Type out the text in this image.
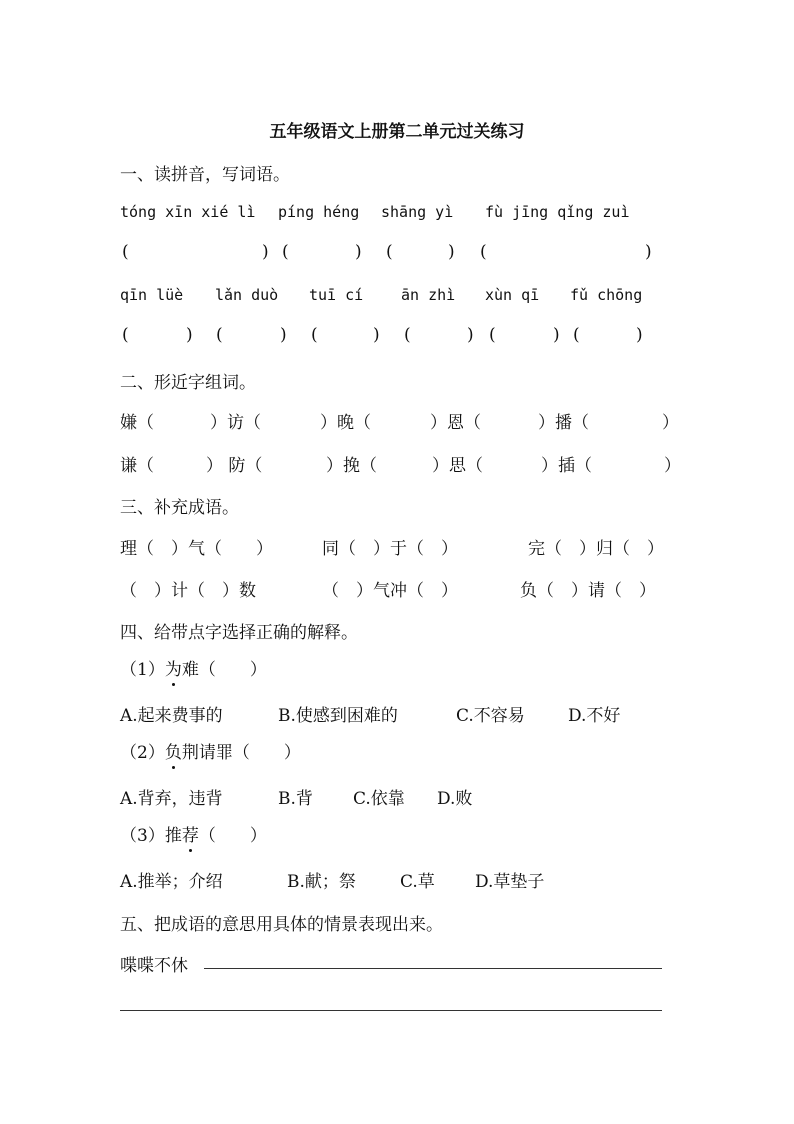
五年级语文上册第二单元过关练习
一、读拼音，写词语。
tóng xīn xié lì píng héng shāng yì fù jīng qǐng zuì
(	) (	) (	) (	)
qīn lüè lǎn duò tuī cí	ān zhì xùn qī fǔ chōng
(	) (	) (	) (	) (	) (	)
二、形近字组词。
嫌（	）访（	）晚（	）恩（	）播（	）
谦（	） 防（	）挽（	）思（	）插（	）
三、补充成语。
理（　）气（　　）	同（　）于（　）	完（　）归（　）
（　）计（　）数	（　）气冲（　）	负（　）请（　）
四、给带点字选择正确的解释。
（1）为难（　　）
A.起来费事的	B.使感到困难的	C.不容易	D.不好
（2）负荆请罪（　　）
A.背弃，违背	B.背 C.依靠 D.败
（3）推荐（　　）
A.推举；介绍	B.献；祭	C.草 D.草垫子
五、把成语的意思用具体的情景表现出来。
喋喋不休
